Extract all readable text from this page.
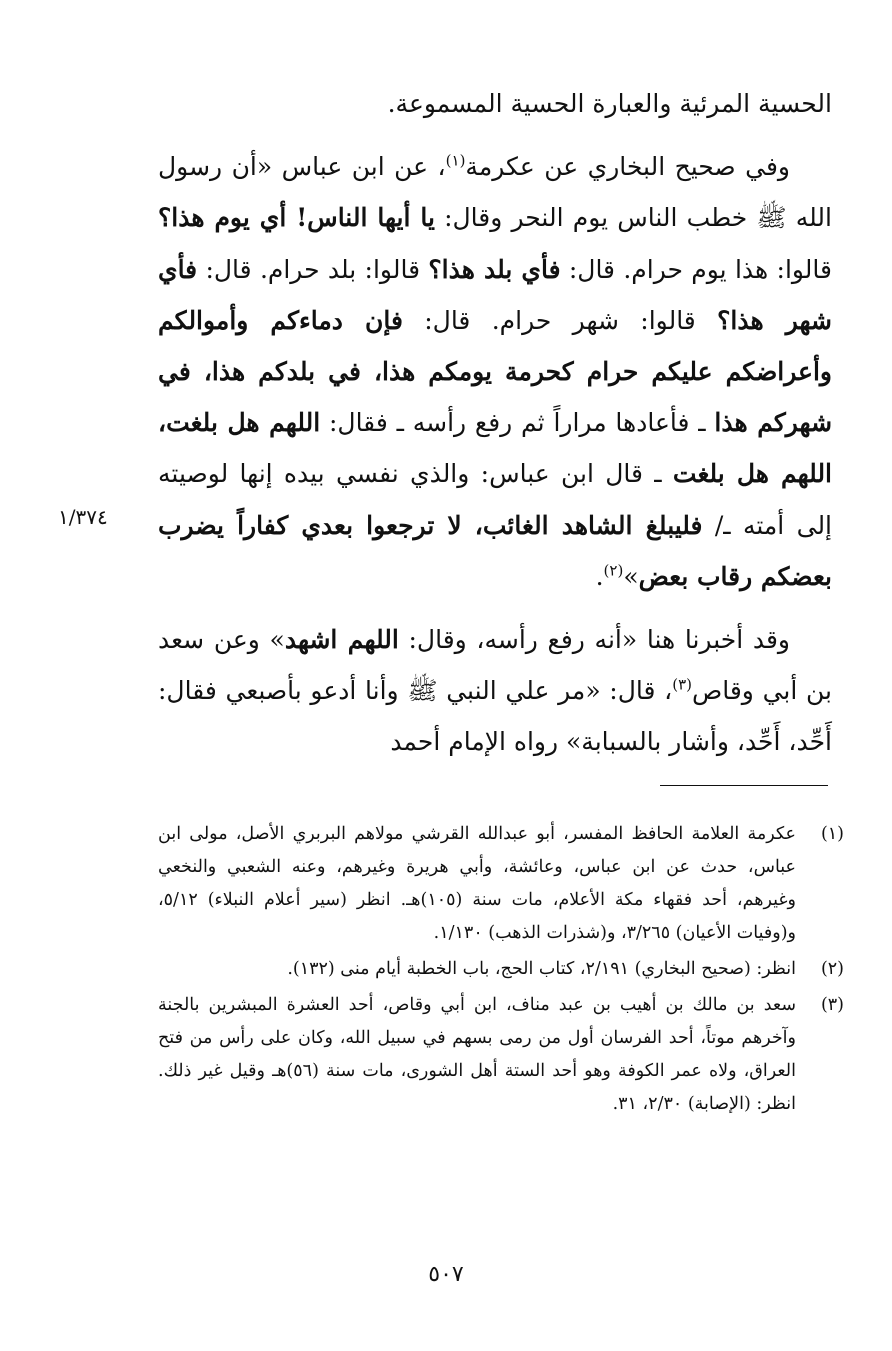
الحسية المرئية والعبارة الحسية المسموعة.

وفي صحيح البخاري عن عكرمة$^{(١)}$، عن ابن عباس «أن رسول الله ﷺ خطب الناس يوم النحر وقال: يا أيها الناس! أي يوم هذا؟ قالوا: هذا يوم حرام. قال: فأي بلد هذا؟ قالوا: بلد حرام. قال: فأي شهر هذا؟ قالوا: شهر حرام. قال: فإن دماءكم وأموالكم وأعراضكم عليكم حرام كحرمة يومكم هذا، في بلدكم هذا، في شهركم هذا ـ فأعادها مراراً ثم رفع رأسه ـ فقال: اللهم هل بلغت، اللهم هل بلغت ـ قال ابن عباس: والذي نفسي بيده إنها لوصيته إلى أمته ـ/ فليبلغ الشاهد الغائب، لا ترجعوا بعدي كفاراً يضرب بعضكم رقاب بعض»$^{(٢)}$.

وقد أخبرنا هنا «أنه رفع رأسه، وقال: اللهم اشهد» وعن سعد بن أبي وقاص$^{(٣)}$، قال: «مر علي النبي ﷺ وأنا أدعو بأصبعي فقال: أَحِّد، أَحِّد، وأشار بالسبابة» رواه الإمام أحمد

١/٣٧٤
(١)
عكرمة العلامة الحافظ المفسر، أبو عبدالله القرشي مولاهم البربري الأصل، مولى ابن عباس، حدث عن ابن عباس، وعائشة، وأبي هريرة وغيرهم، وعنه الشعبي والنخعي وغيرهم، أحد فقهاء مكة الأعلام، مات سنة (١٠٥)هـ. انظر (سير أعلام النبلاء) ٥/١٢، و(وفيات الأعيان) ٣/٢٦٥، و(شذرات الذهب) ١/١٣٠.
(٢)
انظر: (صحيح البخاري) ٢/١٩١، كتاب الحج، باب الخطبة أيام منى (١٣٢).
(٣)
سعد بن مالك بن أهيب بن عبد مناف، ابن أبي وقاص، أحد العشرة المبشرين بالجنة وآخرهم موتاً، أحد الفرسان أول من رمى بسهم في سبيل الله، وكان على رأس من فتح العراق، ولاه عمر الكوفة وهو أحد الستة أهل الشورى، مات سنة (٥٦)هـ وقيل غير ذلك. انظر: (الإصابة) ٢/٣٠، ٣١.
٥٠٧
